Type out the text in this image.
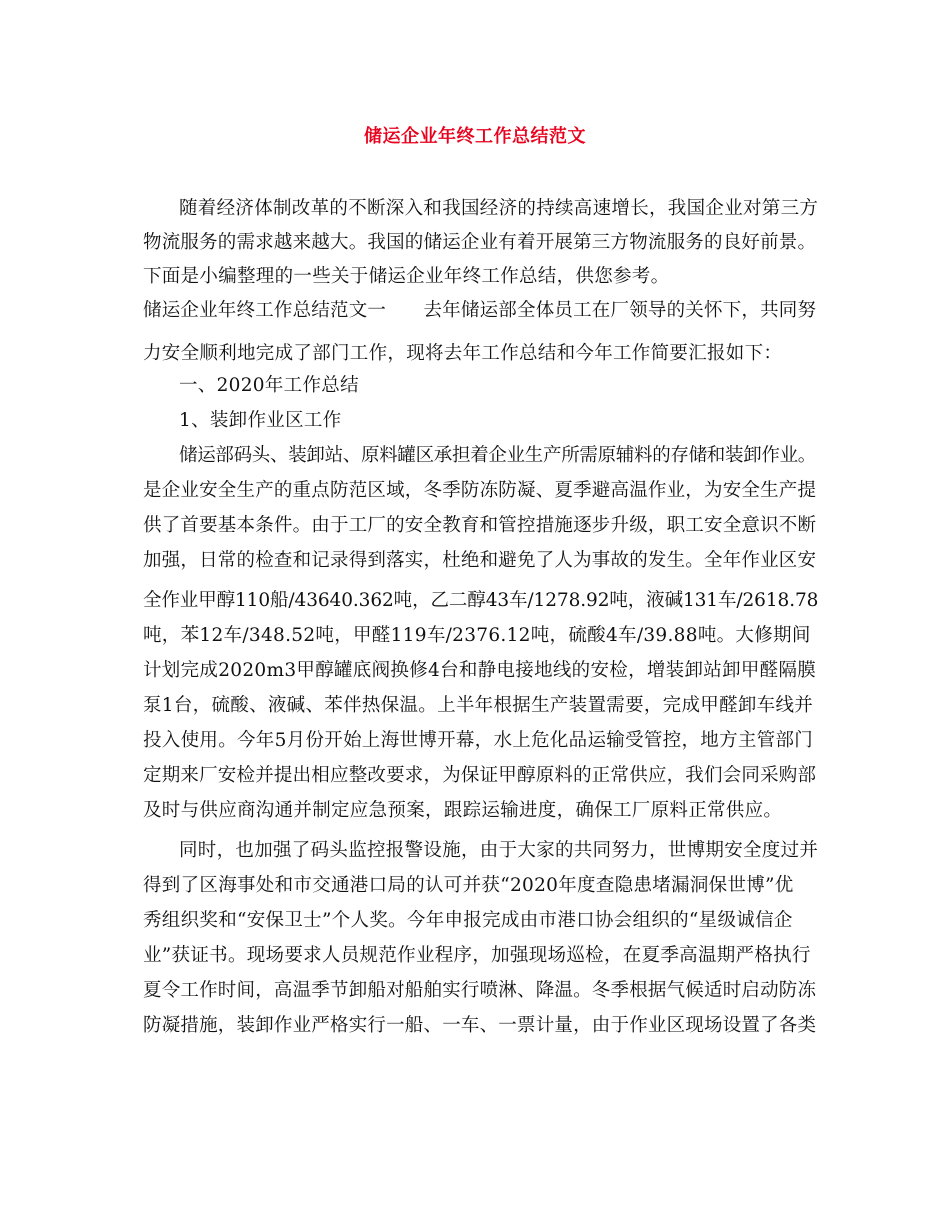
储运企业年终工作总结范文
随着经济体制改革的不断深入和我国经济的持续高速增长，我国企业对第三方
物流服务的需求越来越大。我国的储运企业有着开展第三方物流服务的良好前景。
下面是小编整理的一些关于储运企业年终工作总结，供您参考。
储运企业年终工作总结范文一　　去年储运部全体员工在厂领导的关怀下，共同努
力安全顺利地完成了部门工作，现将去年工作总结和今年工作简要汇报如下：
一、2020年工作总结
1、装卸作业区工作
储运部码头、装卸站、原料罐区承担着企业生产所需原辅料的存储和装卸作业。
是企业安全生产的重点防范区域，冬季防冻防凝、夏季避高温作业，为安全生产提
供了首要基本条件。由于工厂的安全教育和管控措施逐步升级，职工安全意识不断
加强，日常的检查和记录得到落实，杜绝和避免了人为事故的发生。全年作业区安
全作业甲醇110船/43640.362吨，乙二醇43车/1278.92吨，液碱131车/2618.78
吨，苯12车/348.52吨，甲醛119车/2376.12吨，硫酸4车/39.88吨。大修期间
计划完成2020m3甲醇罐底阀换修4台和静电接地线的安检，增装卸站卸甲醛隔膜
泵1台，硫酸、液碱、苯伴热保温。上半年根据生产装置需要，完成甲醛卸车线并
投入使用。今年5月份开始上海世博开幕，水上危化品运输受管控，地方主管部门
定期来厂安检并提出相应整改要求，为保证甲醇原料的正常供应，我们会同采购部
及时与供应商沟通并制定应急预案，跟踪运输进度，确保工厂原料正常供应。
同时，也加强了码头监控报警设施，由于大家的共同努力，世博期安全度过并
得到了区海事处和市交通港口局的认可并获“2020年度查隐患堵漏洞保世博”优
秀组织奖和“安保卫士”个人奖。今年申报完成由市港口协会组织的“星级诚信企
业”获证书。现场要求人员规范作业程序，加强现场巡检，在夏季高温期严格执行
夏令工作时间，高温季节卸船对船舶实行喷淋、降温。冬季根据气候适时启动防冻
防凝措施，装卸作业严格实行一船、一车、一票计量，由于作业区现场设置了各类
